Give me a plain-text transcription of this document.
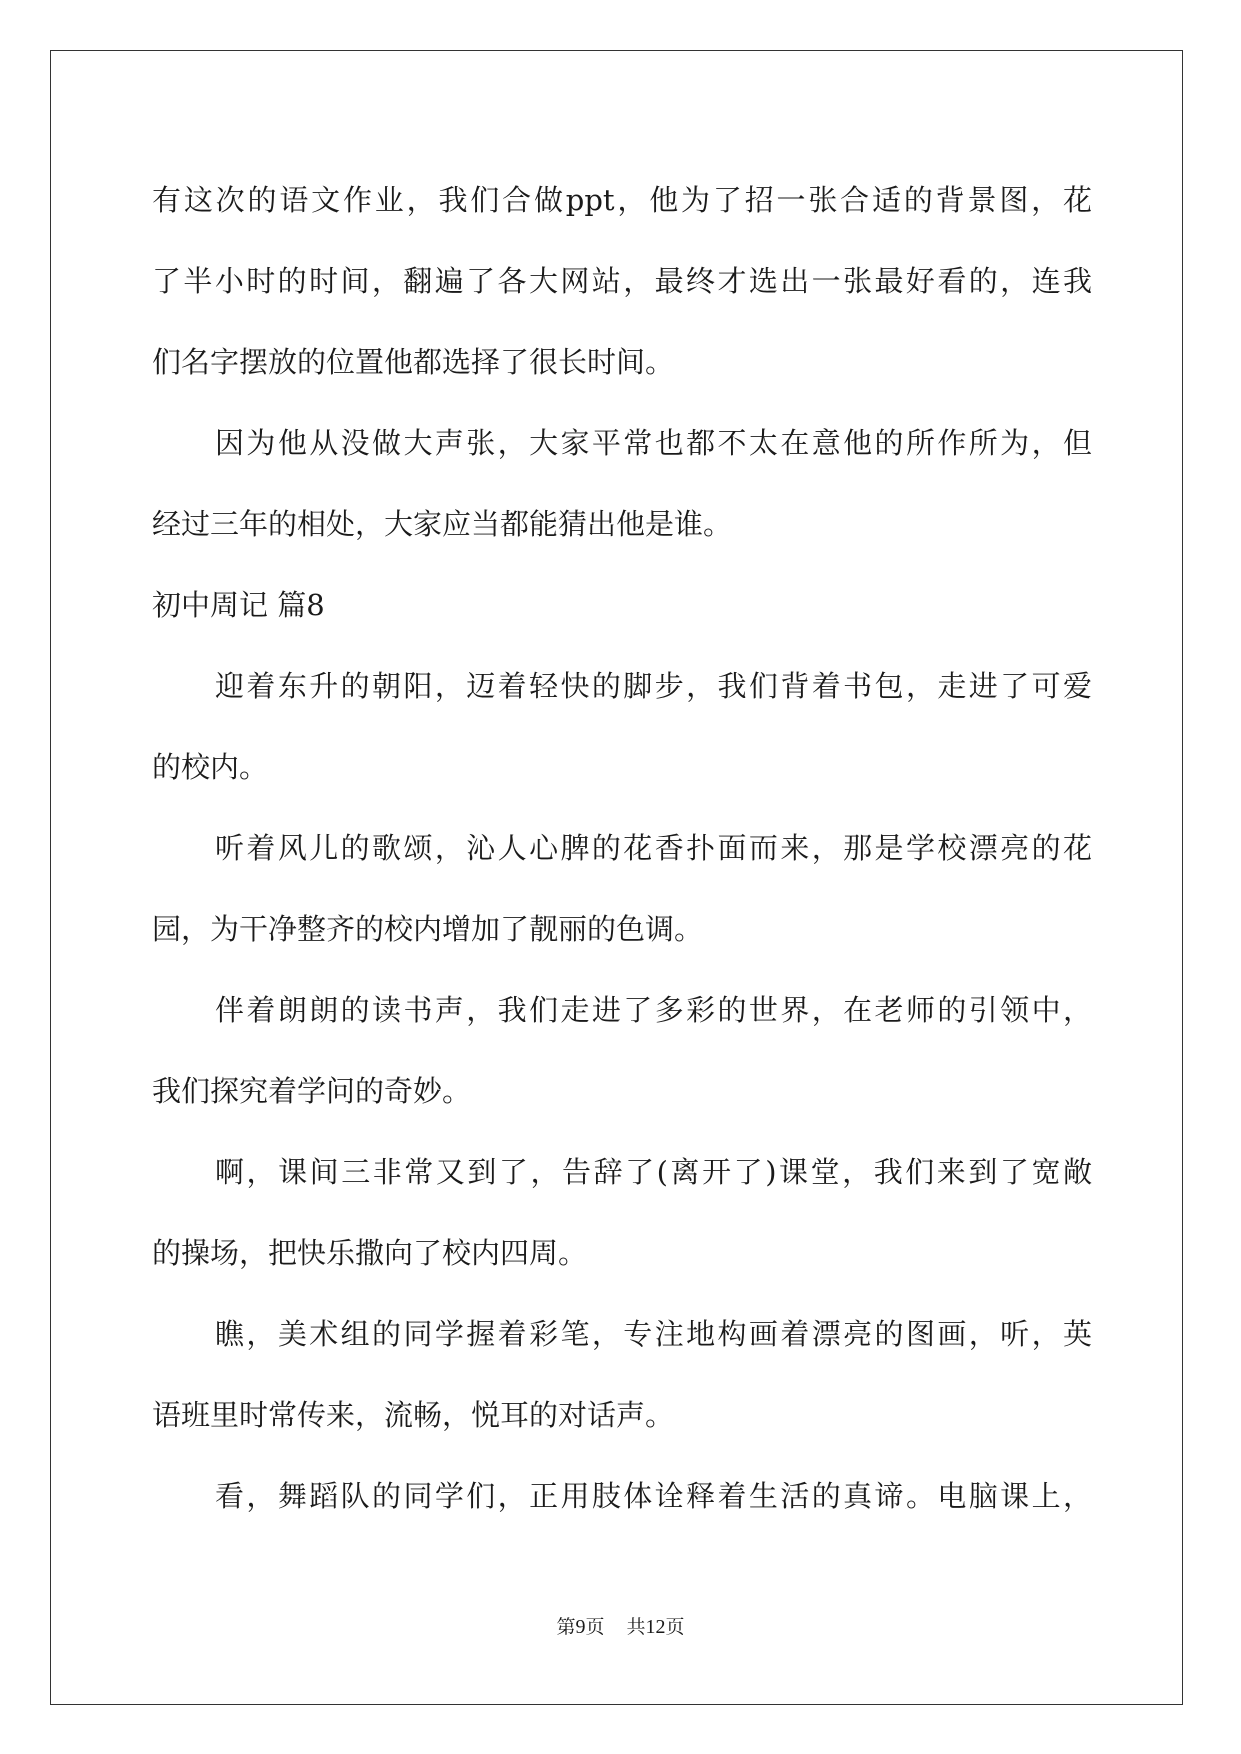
有这次的语文作业，我们合做ppt，他为了招一张合适的背景图，花
了半小时的时间，翻遍了各大网站，最终才选出一张最好看的，连我
们名字摆放的位置他都选择了很长时间。
因为他从没做大声张，大家平常也都不太在意他的所作所为，但
经过三年的相处，大家应当都能猜出他是谁。
初中周记 篇8
迎着东升的朝阳，迈着轻快的脚步，我们背着书包，走进了可爱
的校内。
听着风儿的歌颂，沁人心脾的花香扑面而来，那是学校漂亮的花
园，为干净整齐的校内增加了靓丽的色调。
伴着朗朗的读书声，我们走进了多彩的世界，在老师的引领中，
我们探究着学问的奇妙。
啊，课间三非常又到了，告辞了(离开了)课堂，我们来到了宽敞
的操场，把快乐撒向了校内四周。
瞧，美术组的同学握着彩笔，专注地构画着漂亮的图画，听，英
语班里时常传来，流畅，悦耳的对话声。
看，舞蹈队的同学们，正用肢体诠释着生活的真谛。电脑课上，
第9页 共12页
